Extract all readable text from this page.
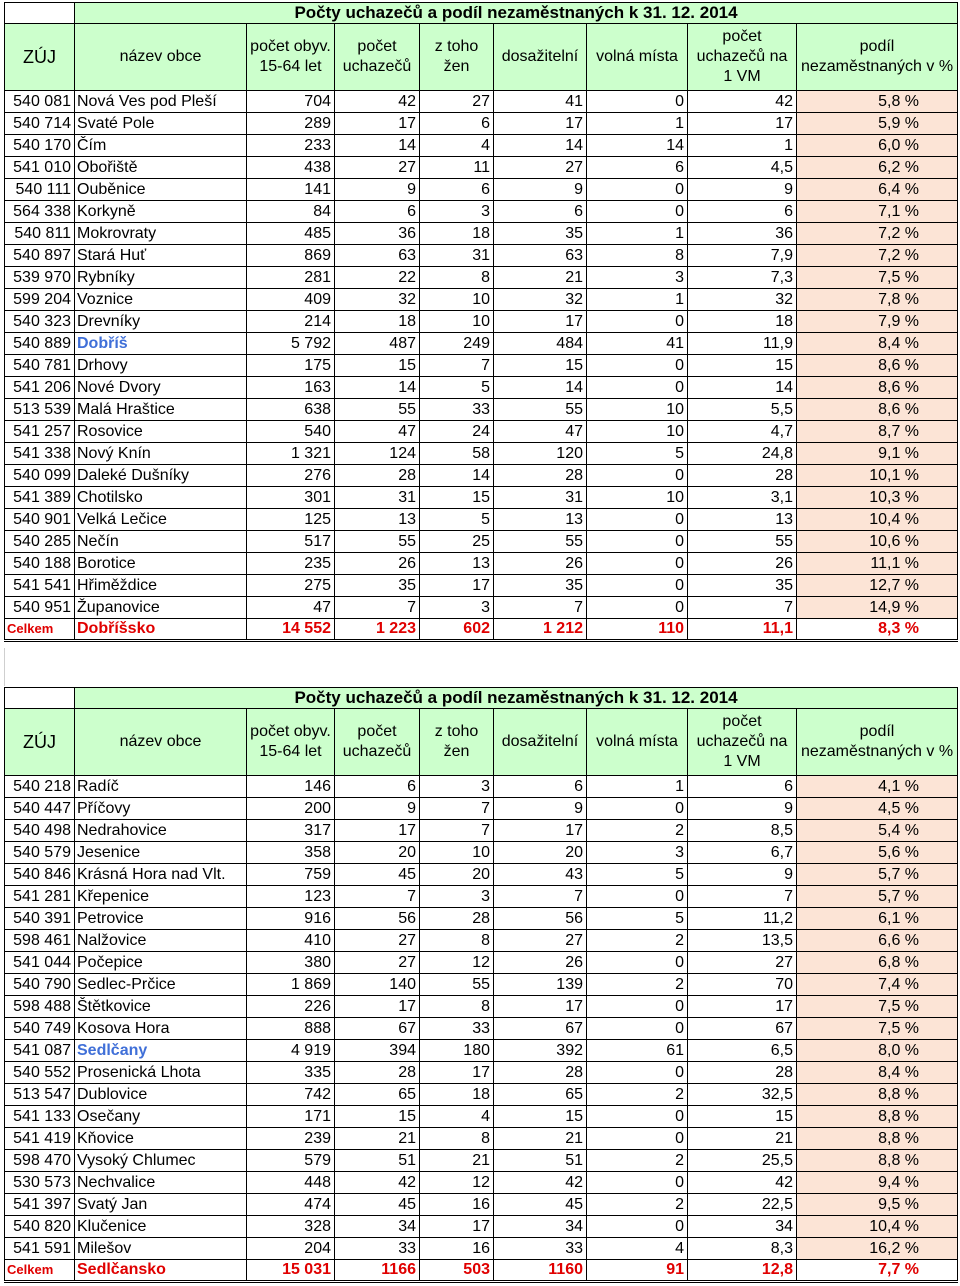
	Počty uchazečů a podíl nezaměstnaných k 31. 12. 2014							
ZÚJ	název obce	počet obyv. 15-64 let	počet uchazečů	z toho žen	dosažitelní	volná místa	počet uchazečů na 1 VM	podíl nezaměstnaných v %
540 081	Nová Ves pod Pleší	704	42	27	41	0	42	5,8 %
540 714	Svaté Pole	289	17	6	17	1	17	5,9 %
540 170	Čím	233	14	4	14	14	1	6,0 %
541 010	Obořiště	438	27	11	27	6	4,5	6,2 %
540 111	Ouběnice	141	9	6	9	0	9	6,4 %
564 338	Korkyně	84	6	3	6	0	6	7,1 %
540 811	Mokrovraty	485	36	18	35	1	36	7,2 %
540 897	Stará Huť	869	63	31	63	8	7,9	7,2 %
539 970	Rybníky	281	22	8	21	3	7,3	7,5 %
599 204	Voznice	409	32	10	32	1	32	7,8 %
540 323	Drevníky	214	18	10	17	0	18	7,9 %
540 889	Dobříš	5 792	487	249	484	41	11,9	8,4 %
540 781	Drhovy	175	15	7	15	0	15	8,6 %
541 206	Nové Dvory	163	14	5	14	0	14	8,6 %
513 539	Malá Hraštice	638	55	33	55	10	5,5	8,6 %
541 257	Rosovice	540	47	24	47	10	4,7	8,7 %
541 338	Nový Knín	1 321	124	58	120	5	24,8	9,1 %
540 099	Daleké Dušníky	276	28	14	28	0	28	10,1 %
541 389	Chotilsko	301	31	15	31	10	3,1	10,3 %
540 901	Velká Lečice	125	13	5	13	0	13	10,4 %
540 285	Nečín	517	55	25	55	0	55	10,6 %
540 188	Borotice	235	26	13	26	0	26	11,1 %
541 541	Hřiměždice	275	35	17	35	0	35	12,7 %
540 951	Županovice	47	7	3	7	0	7	14,9 %
Celkem	Dobříšsko	14 552	1 223	602	1 212	110	11,1	8,3 %
	Počty uchazečů a podíl nezaměstnaných k 31. 12. 2014							
ZÚJ	název obce	počet obyv. 15-64 let	počet uchazečů	z toho žen	dosažitelní	volná místa	počet uchazečů na 1 VM	podíl nezaměstnaných v %
540 218	Radíč	146	6	3	6	1	6	4,1 %
540 447	Příčovy	200	9	7	9	0	9	4,5 %
540 498	Nedrahovice	317	17	7	17	2	8,5	5,4 %
540 579	Jesenice	358	20	10	20	3	6,7	5,6 %
540 846	Krásná Hora nad Vlt.	759	45	20	43	5	9	5,7 %
541 281	Křepenice	123	7	3	7	0	7	5,7 %
540 391	Petrovice	916	56	28	56	5	11,2	6,1 %
598 461	Nalžovice	410	27	8	27	2	13,5	6,6 %
541 044	Počepice	380	27	12	26	0	27	6,8 %
540 790	Sedlec-Prčice	1 869	140	55	139	2	70	7,4 %
598 488	Štětkovice	226	17	8	17	0	17	7,5 %
540 749	Kosova Hora	888	67	33	67	0	67	7,5 %
541 087	Sedlčany	4 919	394	180	392	61	6,5	8,0 %
540 552	Prosenická Lhota	335	28	17	28	0	28	8,4 %
513 547	Dublovice	742	65	18	65	2	32,5	8,8 %
541 133	Osečany	171	15	4	15	0	15	8,8 %
541 419	Kňovice	239	21	8	21	0	21	8,8 %
598 470	Vysoký Chlumec	579	51	21	51	2	25,5	8,8 %
530 573	Nechvalice	448	42	12	42	0	42	9,4 %
541 397	Svatý Jan	474	45	16	45	2	22,5	9,5 %
540 820	Klučenice	328	34	17	34	0	34	10,4 %
541 591	Milešov	204	33	16	33	4	8,3	16,2 %
Celkem	Sedlčansko	15 031	1166	503	1160	91	12,8	7,7 %
